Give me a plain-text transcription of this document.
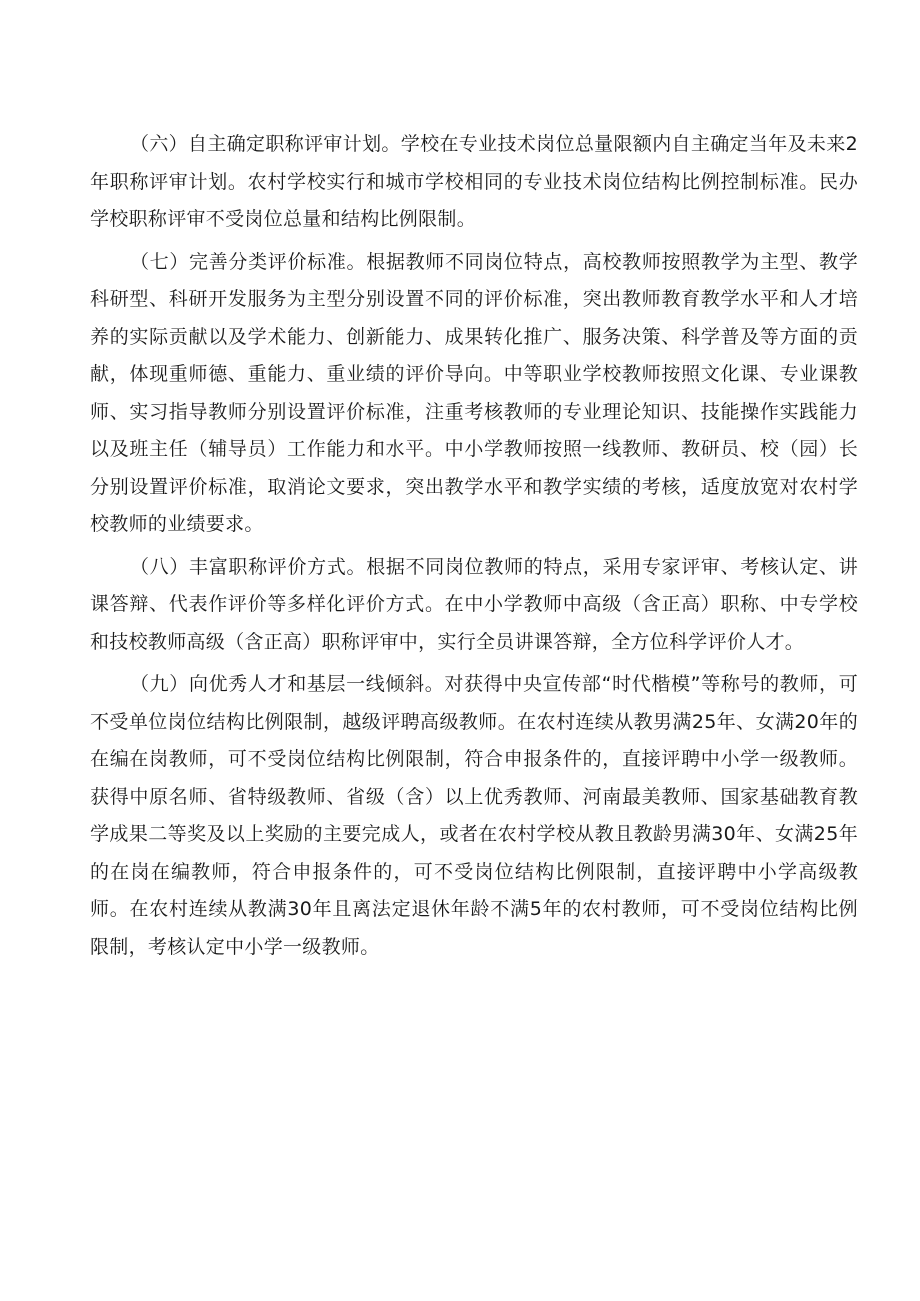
（六）自主确定职称评审计划。学校在专业技术岗位总量限额内自主确定当年及未来2年职称评审计划。农村学校实行和城市学校相同的专业技术岗位结构比例控制标准。民办学校职称评审不受岗位总量和结构比例限制。

（七）完善分类评价标准。根据教师不同岗位特点，高校教师按照教学为主型、教学科研型、科研开发服务为主型分别设置不同的评价标准，突出教师教育教学水平和人才培养的实际贡献以及学术能力、创新能力、成果转化推广、服务决策、科学普及等方面的贡献，体现重师德、重能力、重业绩的评价导向。中等职业学校教师按照文化课、专业课教师、实习指导教师分别设置评价标准，注重考核教师的专业理论知识、技能操作实践能力以及班主任（辅导员）工作能力和水平。中小学教师按照一线教师、教研员、校（园）长分别设置评价标准，取消论文要求，突出教学水平和教学实绩的考核，适度放宽对农村学校教师的业绩要求。

（八）丰富职称评价方式。根据不同岗位教师的特点，采用专家评审、考核认定、讲课答辩、代表作评价等多样化评价方式。在中小学教师中高级（含正高）职称、中专学校和技校教师高级（含正高）职称评审中，实行全员讲课答辩，全方位科学评价人才。

（九）向优秀人才和基层一线倾斜。对获得中央宣传部“时代楷模”等称号的教师，可不受单位岗位结构比例限制，越级评聘高级教师。在农村连续从教男满25年、女满20年的在编在岗教师，可不受岗位结构比例限制，符合申报条件的，直接评聘中小学一级教师。获得中原名师、省特级教师、省级（含）以上优秀教师、河南最美教师、国家基础教育教学成果二等奖及以上奖励的主要完成人，或者在农村学校从教且教龄男满30年、女满25年的在岗在编教师，符合申报条件的，可不受岗位结构比例限制，直接评聘中小学高级教师。在农村连续从教满30年且离法定退休年龄不满5年的农村教师，可不受岗位结构比例限制，考核认定中小学一级教师。
